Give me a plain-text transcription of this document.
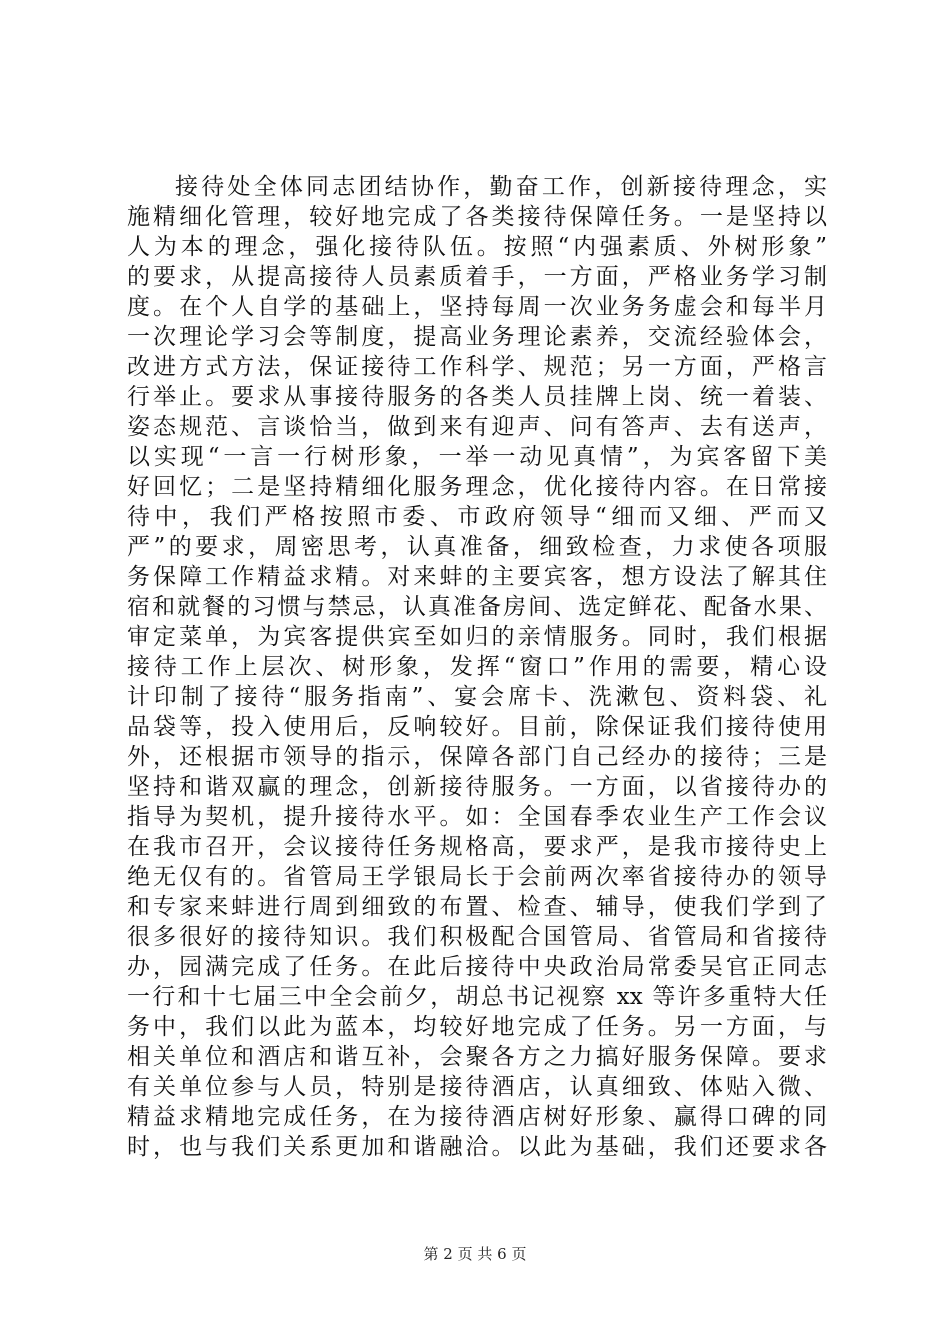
接待处全体同志团结协作，勤奋工作，创新接待理念，实
施精细化管理，较好地完成了各类接待保障任务。一是坚持以
人为本的理念，强化接待队伍。按照“内强素质、外树形象”
的要求，从提高接待人员素质着手，一方面，严格业务学习制
度。在个人自学的基础上，坚持每周一次业务务虚会和每半月
一次理论学习会等制度，提高业务理论素养，交流经验体会，
改进方式方法，保证接待工作科学、规范；另一方面，严格言
行举止。要求从事接待服务的各类人员挂牌上岗、统一着装、
姿态规范、言谈恰当，做到来有迎声、问有答声、去有送声，
以实现“一言一行树形象，一举一动见真情”，为宾客留下美
好回忆；二是坚持精细化服务理念，优化接待内容。在日常接
待中，我们严格按照市委、市政府领导“细而又细、严而又
严”的要求，周密思考，认真准备，细致检查，力求使各项服
务保障工作精益求精。对来蚌的主要宾客，想方设法了解其住
宿和就餐的习惯与禁忌，认真准备房间、选定鲜花、配备水果、
审定菜单，为宾客提供宾至如归的亲情服务。同时，我们根据
接待工作上层次、树形象，发挥“窗口”作用的需要，精心设
计印制了接待“服务指南”、宴会席卡、洗漱包、资料袋、礼
品袋等，投入使用后，反响较好。目前，除保证我们接待使用
外，还根据市领导的指示，保障各部门自己经办的接待；三是
坚持和谐双赢的理念，创新接待服务。一方面，以省接待办的
指导为契机，提升接待水平。如：全国春季农业生产工作会议
在我市召开，会议接待任务规格高，要求严，是我市接待史上
绝无仅有的。省管局王学银局长于会前两次率省接待办的领导
和专家来蚌进行周到细致的布置、检查、辅导，使我们学到了
很多很好的接待知识。我们积极配合国管局、省管局和省接待
办，园满完成了任务。在此后接待中央政治局常委吴官正同志
一行和十七届三中全会前夕，胡总书记视察 xx 等许多重特大任
务中，我们以此为蓝本，均较好地完成了任务。另一方面，与
相关单位和酒店和谐互补，会聚各方之力搞好服务保障。要求
有关单位参与人员，特别是接待酒店，认真细致、体贴入微、
精益求精地完成任务，在为接待酒店树好形象、赢得口碑的同
时，也与我们关系更加和谐融洽。以此为基础，我们还要求各
第 2 页 共 6 页
